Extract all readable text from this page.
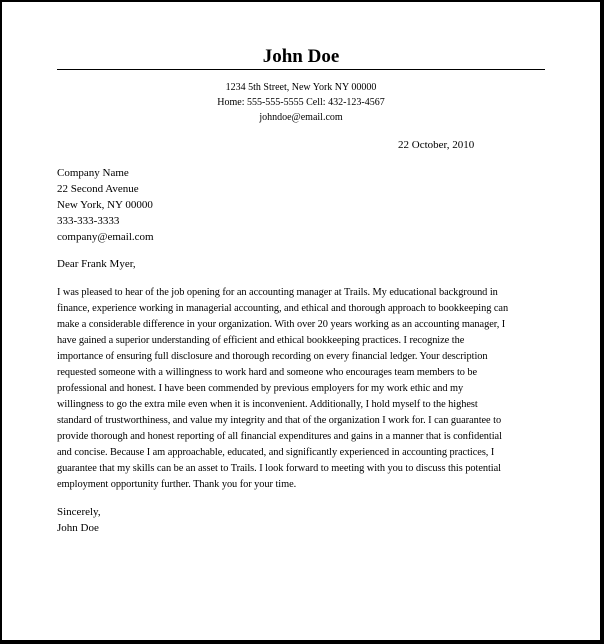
John Doe
1234 5th Street, New York NY 00000
Home: 555-555-5555 Cell: 432-123-4567
johndoe@email.com
22 October, 2010
Company Name
22 Second Avenue
New York, NY 00000
333-333-3333
company@email.com
Dear Frank Myer,

I was pleased to hear of the job opening for an accounting manager at Trails. My educational background in
finance, experience working in managerial accounting, and ethical and thorough approach to bookkeeping can
make a considerable difference in your organization. With over 20 years working as an accounting manager, I
have gained a superior understanding of efficient and ethical bookkeeping practices. I recognize the
importance of ensuring full disclosure and thorough recording on every financial ledger. Your description
requested someone with a willingness to work hard and someone who encourages team members to be
professional and honest. I have been commended by previous employers for my work ethic and my
willingness to go the extra mile even when it is inconvenient. Additionally, I hold myself to the highest
standard of trustworthiness, and value my integrity and that of the organization I work for. I can guarantee to
provide thorough and honest reporting of all financial expenditures and gains in a manner that is confidential
and concise. Because I am approachable, educated, and significantly experienced in accounting practices, I
guarantee that my skills can be an asset to Trails. I look forward to meeting with you to discuss this potential
employment opportunity further. Thank you for your time.

Sincerely,
John Doe
